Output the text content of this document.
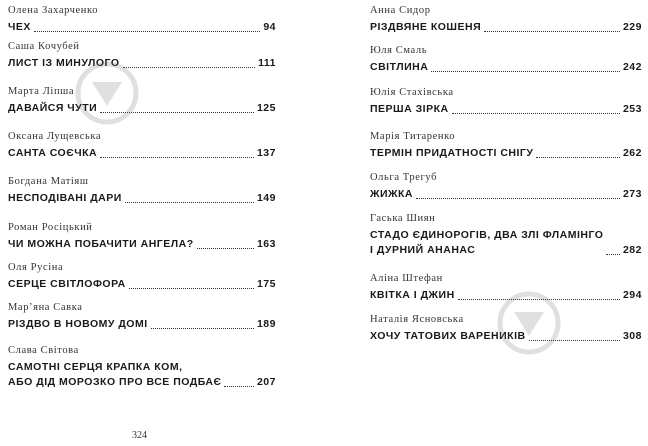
Олена Захарченко
ЧЕХ	94
Саша Кочубей
ЛИСТ ІЗ МИНУЛОГО	111
Марта Ліпша
ДАВАЙСЯ ЧУТИ	125
Оксана Лущевська
САНТА СОЄЧКА	137
Богдана Матіяш
НЕСПОДІВАНІ ДАРИ	149
Роман Росіцький
ЧИ МОЖНА ПОБАЧИТИ АНГЕЛА?	163
Оля Русіна
СЕРЦЕ СВІТЛОФОРА	175
Мар’яна Савка
РІЗДВО В НОВОМУ ДОМІ	189
Слава Світова
САМОТНІ СЕРЦЯ КРАПКА КОМ,
АБО ДІД МОРОЗКО ПРО ВСЕ ПОДБАЄ	207
Анна Сидор
РІЗДВЯНЕ КОШЕНЯ	229
Юля Смаль
СВІТЛИНА	242
Юлія Стахівська
ПЕРША ЗІРКА	253
Марія Титаренко
ТЕРМІН ПРИДАТНОСТІ СНІГУ	262
Ольга Трегуб
ЖИЖКА	273
Гаська Шиян
СТАДО ЄДИНОРОГІВ, ДВА ЗЛІ ФЛАМІНГО
І ДУРНИЙ АНАНАС	282
Аліна Штефан
КВІТКА І ДЖИН	294
Наталія Ясновська
ХОЧУ ТАТОВИХ ВАРЕНИКІВ	308
324
